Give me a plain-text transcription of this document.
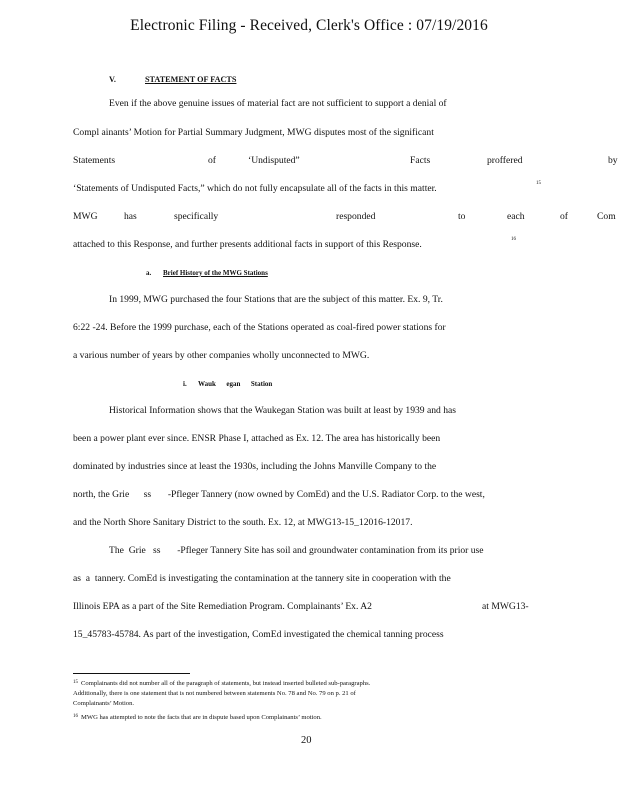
Electronic Filing - Received, Clerk's Office : 07/19/2016
V.	STATEMENT OF FACTS
Even if the above genuine issues of material fact are not sufficient to support a denial of
Compl ainants’ Motion for Partial Summary Judgment, MWG disputes most of the significant
Statements	of	‘Undisputed”	Facts	proffered	by
‘Statements of Undisputed Facts,” which do not fully encapsulate all of the facts in this matter.	15
MWG	has	specifically	responded	to	each	of	Com
attached to this Response, and further presents additional facts in support of this Response.	16
a. Brief History of the MWG Stations
In 1999, MWG purchased the four Stations that are the subject of this matter. Ex. 9, Tr.
6:22 -24. Before the 1999 purchase, each of the Stations operated as coal-fired power stations for
a various number of years by other companies wholly unconnected to MWG.
i. Wauk      egan      Station
Historical Information shows that the Waukegan Station was built at least by 1939 and has
been a power plant ever since. ENSR Phase I, attached as Ex. 12. The area has historically been
dominated by industries since at least the 1930s, including the Johns Manville Company to the
north, the Grie      ss       -Pfleger Tannery (now owned by ComEd) and the U.S. Radiator Corp. to the west,
and the North Shore Sanitary District to the south. Ex. 12, at MWG13-15_12016-12017.
The  Grie   ss       -Pfleger Tannery Site has soil and groundwater contamination from its prior use
as  a  tannery. ComEd is investigating the contamination at the tannery site in cooperation with the
Illinois EPA as a part of the Site Remediation Program. Complainants’ Ex. A2	at MWG13-
15_45783-45784. As part of the investigation, ComEd investigated the chemical tanning process
15 Complainants did not number all of the paragraph of statements, but instead inserted bulleted sub-paragraphs.
Additionally, there is one statement that is not numbered between statements No. 78 and No. 79 on p. 21 of
Complainants’ Motion.
16 MWG has attempted to note the facts that are in dispute based upon Complainants’ motion.
20
